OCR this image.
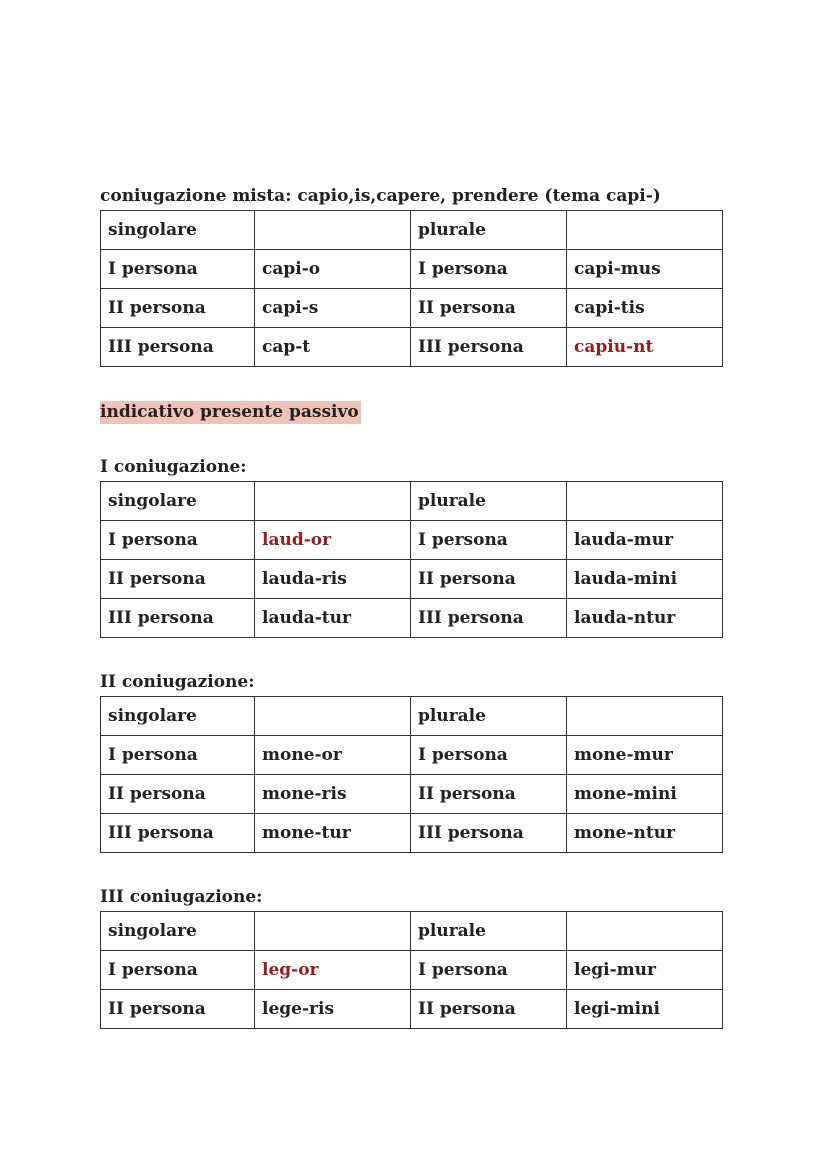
coniugazione mista: capio,is,capere, prendere (tema capi-)

singolare		plurale	
I persona	capi-o	I persona	capi-mus
II persona	capi-s	II persona	capi-tis
III persona	cap-t	III persona	capiu-nt

indicativo presente passivo

I coniugazione:

singolare		plurale	
I persona	laud-or	I persona	lauda-mur
II persona	lauda-ris	II persona	lauda-mini
III persona	lauda-tur	III persona	lauda-ntur

II coniugazione:

singolare		plurale	
I persona	mone-or	I persona	mone-mur
II persona	mone-ris	II persona	mone-mini
III persona	mone-tur	III persona	mone-ntur

III coniugazione:

singolare		plurale	
I persona	leg-or	I persona	legi-mur
II persona	lege-ris	II persona	legi-mini
